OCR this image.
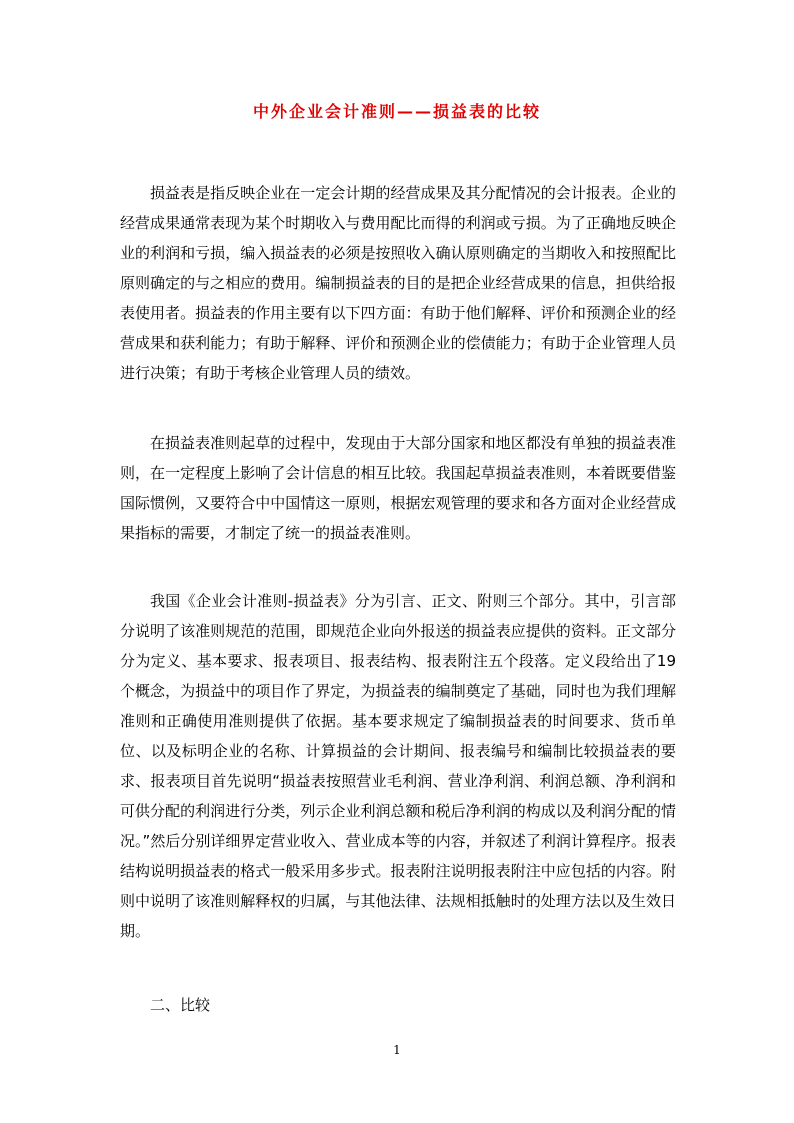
中外企业会计准则——损益表的比较

损益表是指反映企业在一定会计期的经营成果及其分配情况的会计报表。企业的经营成果通常表现为某个时期收入与费用配比而得的利润或亏损。为了正确地反映企业的利润和亏损，编入损益表的必须是按照收入确认原则确定的当期收入和按照配比原则确定的与之相应的费用。编制损益表的目的是把企业经营成果的信息，担供给报表使用者。损益表的作用主要有以下四方面：有助于他们解释、评价和预测企业的经营成果和获利能力；有助于解释、评价和预测企业的偿债能力；有助于企业管理人员进行决策；有助于考核企业管理人员的绩效。

在损益表准则起草的过程中，发现由于大部分国家和地区都没有单独的损益表准则，在一定程度上影响了会计信息的相互比较。我国起草损益表准则，本着既要借鉴国际惯例，又要符合中中国情这一原则，根据宏观管理的要求和各方面对企业经营成果指标的需要，才制定了统一的损益表准则。

我国《企业会计准则-损益表》分为引言、正文、附则三个部分。其中，引言部分说明了该准则规范的范围，即规范企业向外报送的损益表应提供的资料。正文部分分为定义、基本要求、报表项目、报表结构、报表附注五个段落。定义段给出了19个概念，为损益中的项目作了界定，为损益表的编制奠定了基础，同时也为我们理解准则和正确使用准则提供了依据。基本要求规定了编制损益表的时间要求、货币单位、以及标明企业的名称、计算损益的会计期间、报表编号和编制比较损益表的要求、报表项目首先说明“损益表按照营业毛利润、营业净利润、利润总额、净利润和可供分配的利润进行分类，列示企业利润总额和税后净利润的构成以及利润分配的情况。”然后分别详细界定营业收入、营业成本等的内容，并叙述了利润计算程序。报表结构说明损益表的格式一般采用多步式。报表附注说明报表附注中应包括的内容。附则中说明了该准则解释权的归属，与其他法律、法规相抵触时的处理方法以及生效日期。

二、比较

1
